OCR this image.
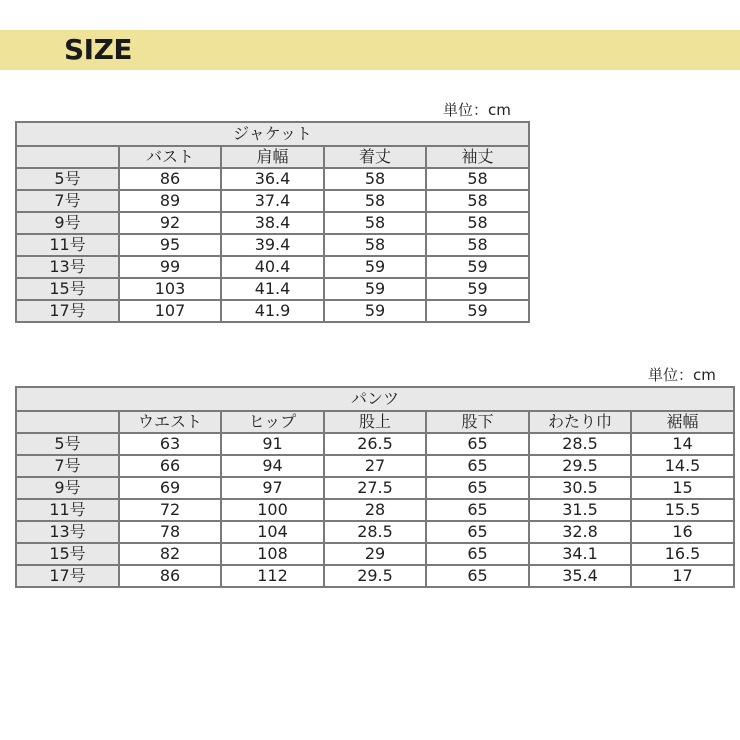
SIZE
単位：cm
ジャケット				
	バスト	肩幅	着丈	袖丈
5号	86	36.4	58	58
7号	89	37.4	58	58
9号	92	38.4	58	58
11号	95	39.4	58	58
13号	99	40.4	59	59
15号	103	41.4	59	59
17号	107	41.9	59	59
単位：cm
パンツ						
	ウエスト	ヒップ	股上	股下	わたり巾	裾幅
5号	63	91	26.5	65	28.5	14
7号	66	94	27	65	29.5	14.5
9号	69	97	27.5	65	30.5	15
11号	72	100	28	65	31.5	15.5
13号	78	104	28.5	65	32.8	16
15号	82	108	29	65	34.1	16.5
17号	86	112	29.5	65	35.4	17
